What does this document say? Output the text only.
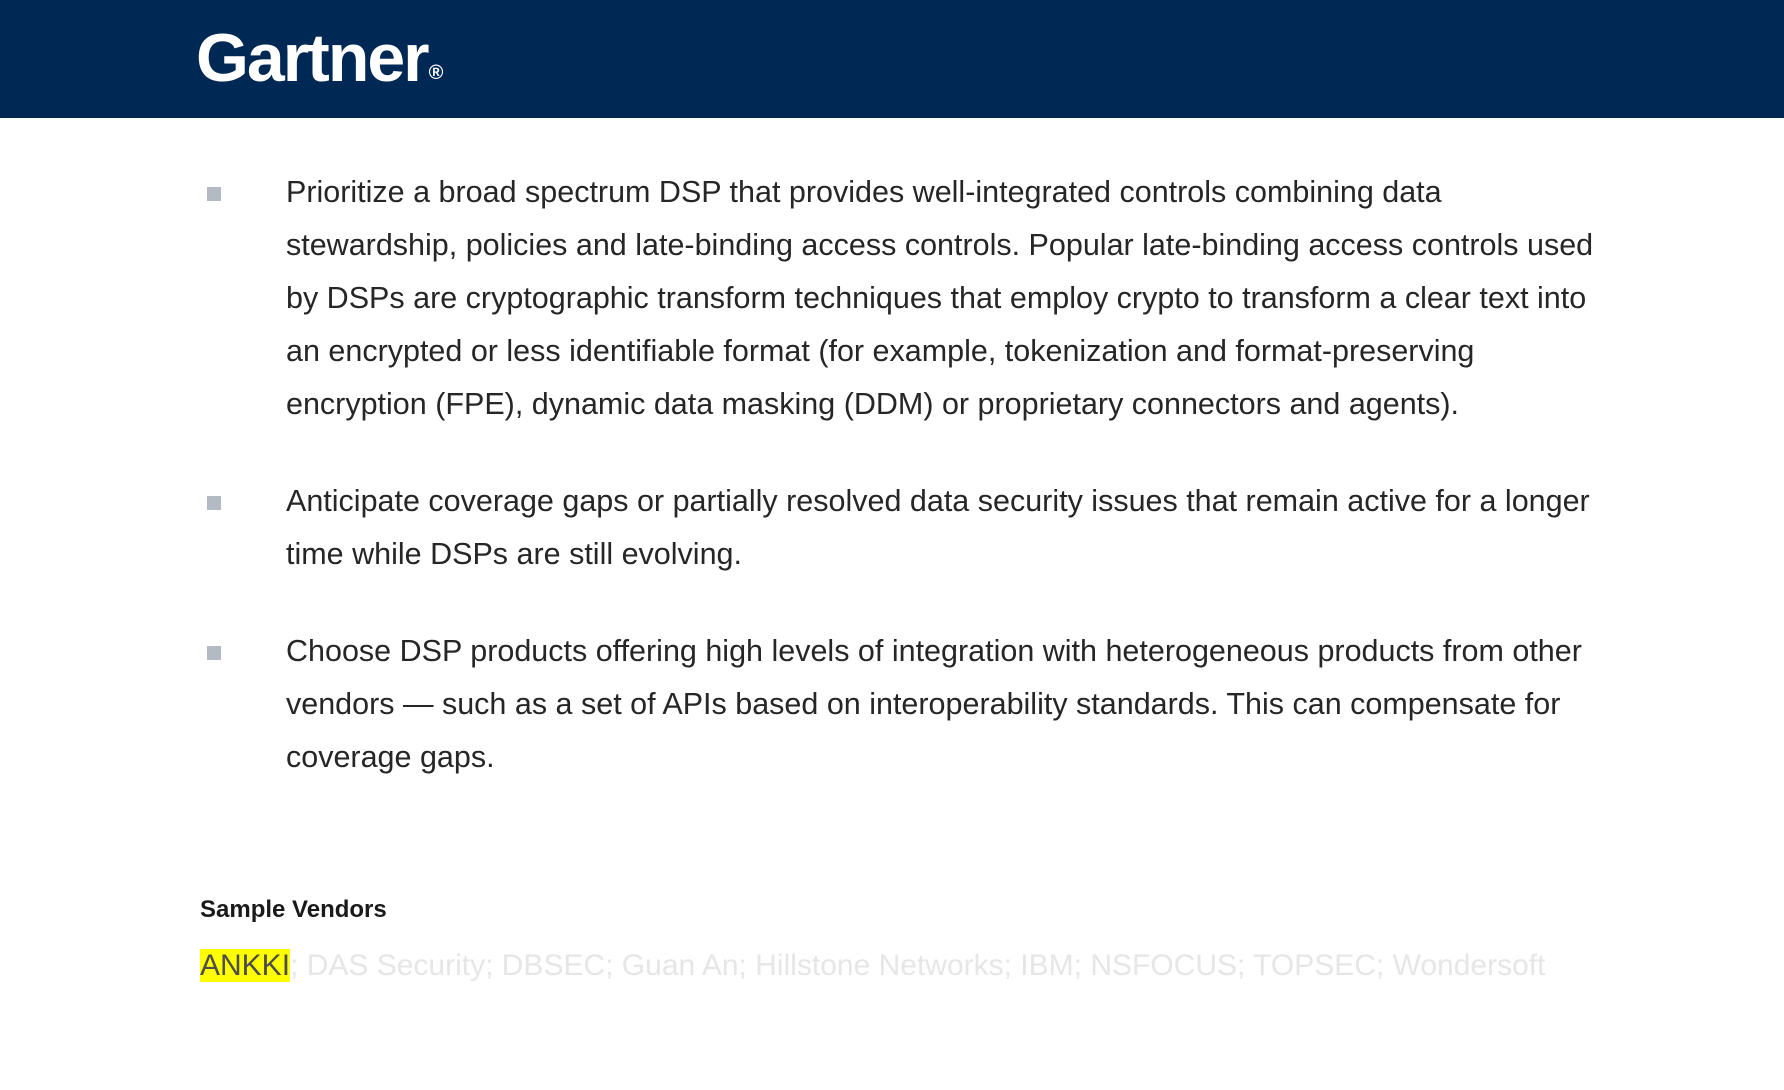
Gartner®
Prioritize a broad spectrum DSP that provides well-integrated controls combining data stewardship, policies and late-binding access controls. Popular late-binding access controls used by DSPs are cryptographic transform techniques that employ crypto to transform a clear text into an encrypted or less identifiable format (for example, tokenization and format-preserving encryption (FPE), dynamic data masking (DDM) or proprietary connectors and agents).
Anticipate coverage gaps or partially resolved data security issues that remain active for a longer time while DSPs are still evolving.
Choose DSP products offering high levels of integration with heterogeneous products from other vendors — such as a set of APIs based on interoperability standards. This can compensate for coverage gaps.
Sample Vendors
ANKKI; DAS Security; DBSEC; Guan An; Hillstone Networks; IBM; NSFOCUS; TOPSEC; Wondersoft
